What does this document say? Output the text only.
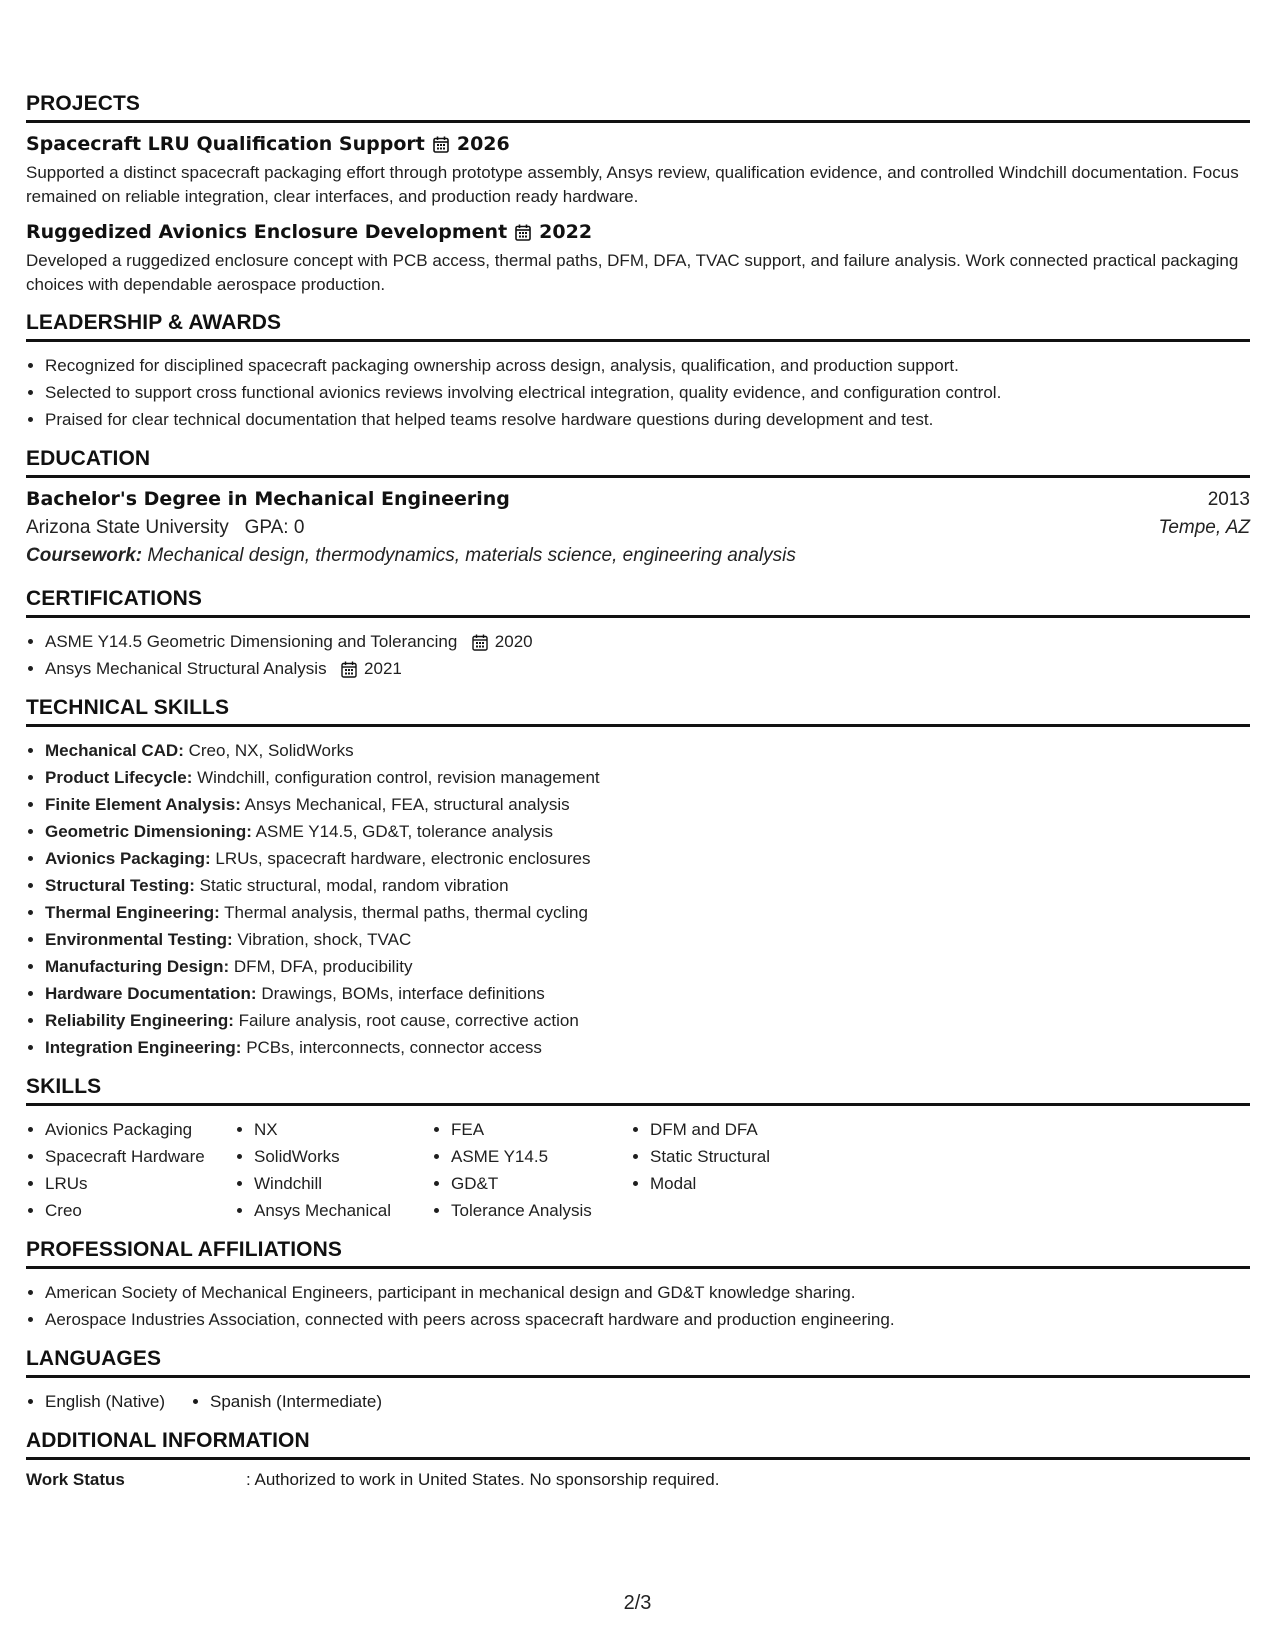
PROJECTS
Spacecraft LRU Qualification Support 2026
Supported a distinct spacecraft packaging effort through prototype assembly, Ansys review, qualification evidence, and controlled Windchill documentation. Focus remained on reliable integration, clear interfaces, and production ready hardware.
Ruggedized Avionics Enclosure Development 2022
Developed a ruggedized enclosure concept with PCB access, thermal paths, DFM, DFA, TVAC support, and failure analysis. Work connected practical packaging choices with dependable aerospace production.
LEADERSHIP & AWARDS
• Recognized for disciplined spacecraft packaging ownership across design, analysis, qualification, and production support.
• Selected to support cross functional avionics reviews involving electrical integration, quality evidence, and configuration control.
• Praised for clear technical documentation that helped teams resolve hardware questions during development and test.
EDUCATION
Bachelor's Degree in Mechanical Engineering	2013
Arizona State University GPA: 0	Tempe, AZ
Coursework: Mechanical design, thermodynamics, materials science, engineering analysis
CERTIFICATIONS
• ASME Y14.5 Geometric Dimensioning and Tolerancing 2020
• Ansys Mechanical Structural Analysis 2021
TECHNICAL SKILLS
• Mechanical CAD: Creo, NX, SolidWorks
• Product Lifecycle: Windchill, configuration control, revision management
• Finite Element Analysis: Ansys Mechanical, FEA, structural analysis
• Geometric Dimensioning: ASME Y14.5, GD&T, tolerance analysis
• Avionics Packaging: LRUs, spacecraft hardware, electronic enclosures
• Structural Testing: Static structural, modal, random vibration
• Thermal Engineering: Thermal analysis, thermal paths, thermal cycling
• Environmental Testing: Vibration, shock, TVAC
• Manufacturing Design: DFM, DFA, producibility
• Hardware Documentation: Drawings, BOMs, interface definitions
• Reliability Engineering: Failure analysis, root cause, corrective action
• Integration Engineering: PCBs, interconnects, connector access
SKILLS
• Avionics Packaging
• Spacecraft Hardware
• LRUs
• Creo
• NX
• SolidWorks
• Windchill
• Ansys Mechanical
• FEA
• ASME Y14.5
• GD&T
• Tolerance Analysis
• DFM and DFA
• Static Structural
• Modal
PROFESSIONAL AFFILIATIONS
• American Society of Mechanical Engineers, participant in mechanical design and GD&T knowledge sharing.
• Aerospace Industries Association, connected with peers across spacecraft hardware and production engineering.
LANGUAGES
• English (Native)
•	Spanish (Intermediate)
ADDITIONAL INFORMATION
Work Status	: Authorized to work in United States. No sponsorship required.
2/3
